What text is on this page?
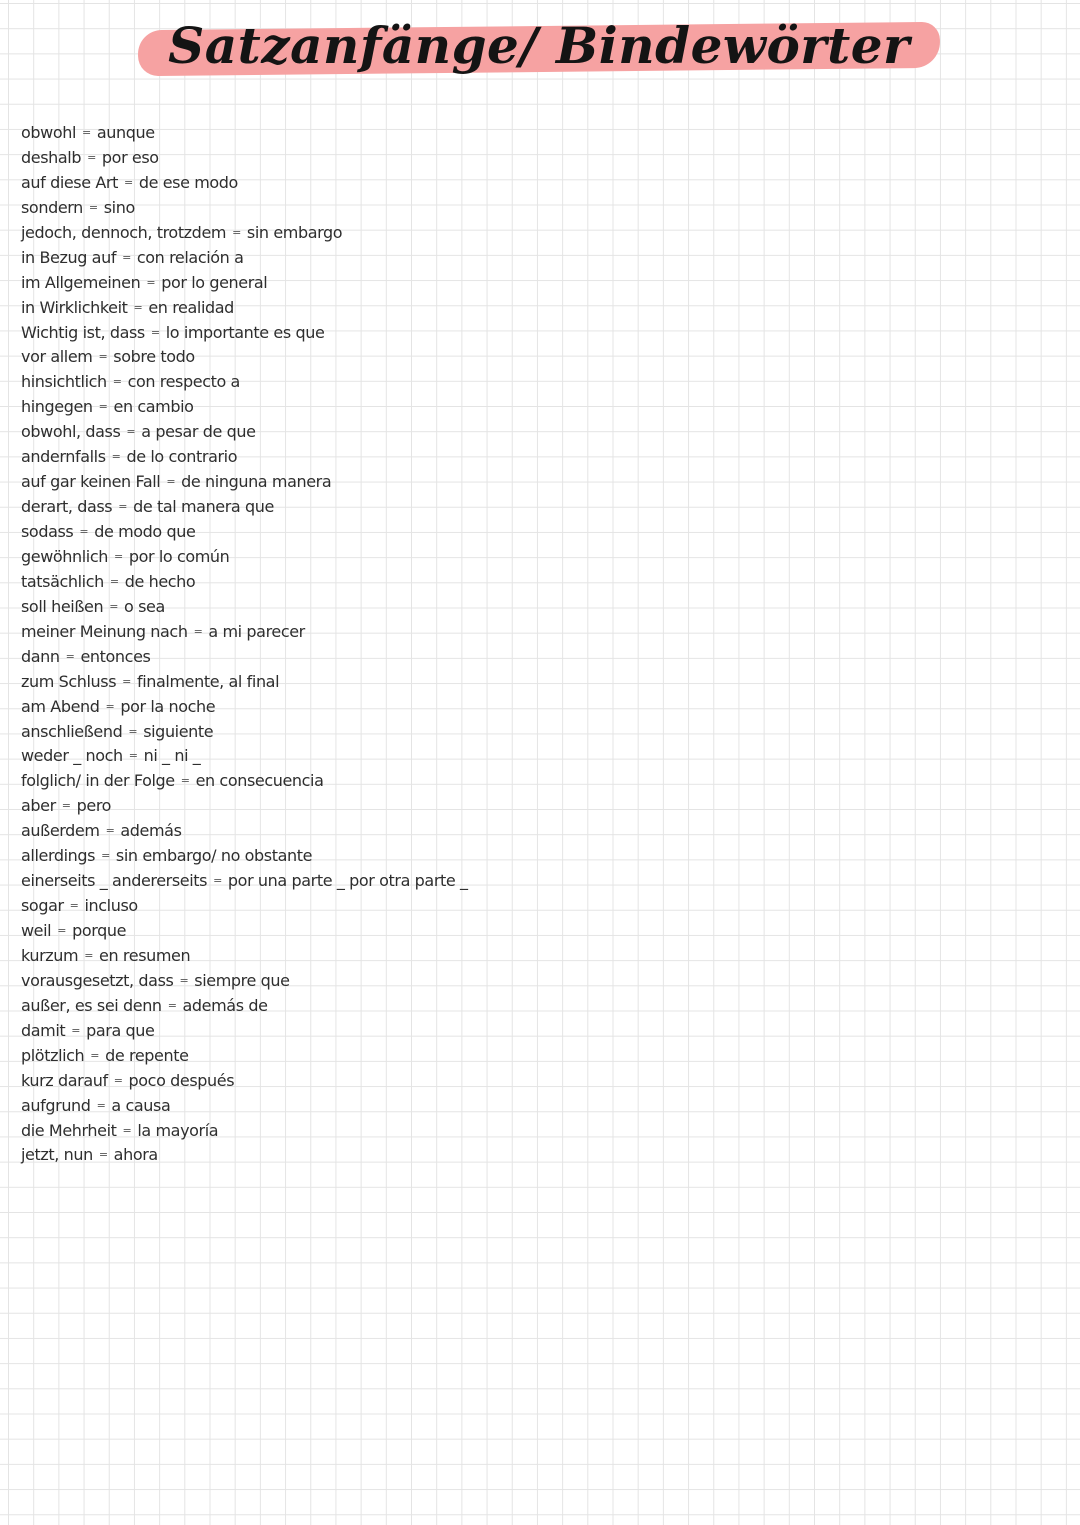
Satzanfänge/ Bindewörter
obwohl = aunque
deshalb = por eso
auf diese Art = de ese modo
sondern = sino
jedoch, dennoch, trotzdem = sin embargo
in Bezug auf = con relación a
im Allgemeinen = por lo general
in Wirklichkeit = en realidad
Wichtig ist, dass = lo importante es que
vor allem = sobre todo
hinsichtlich = con respecto a
hingegen = en cambio
obwohl, dass = a pesar de que
andernfalls = de lo contrario
auf gar keinen Fall = de ninguna manera
derart, dass = de tal manera que
sodass = de modo que
gewöhnlich = por lo común
tatsächlich = de hecho
soll heißen = o sea
meiner Meinung nach = a mi parecer
dann = entonces
zum Schluss = finalmente, al final
am Abend = por la noche
anschließend = siguiente
weder _ noch = ni _ ni _
folglich/ in der Folge = en consecuencia
aber = pero
außerdem = además
allerdings = sin embargo/ no obstante
einerseits _ andererseits = por una parte _ por otra parte _
sogar = incluso
weil = porque
kurzum = en resumen
vorausgesetzt, dass = siempre que
außer, es sei denn = además de
damit = para que
plötzlich = de repente
kurz darauf = poco después
aufgrund = a causa
die Mehrheit = la mayoría
jetzt, nun = ahora
